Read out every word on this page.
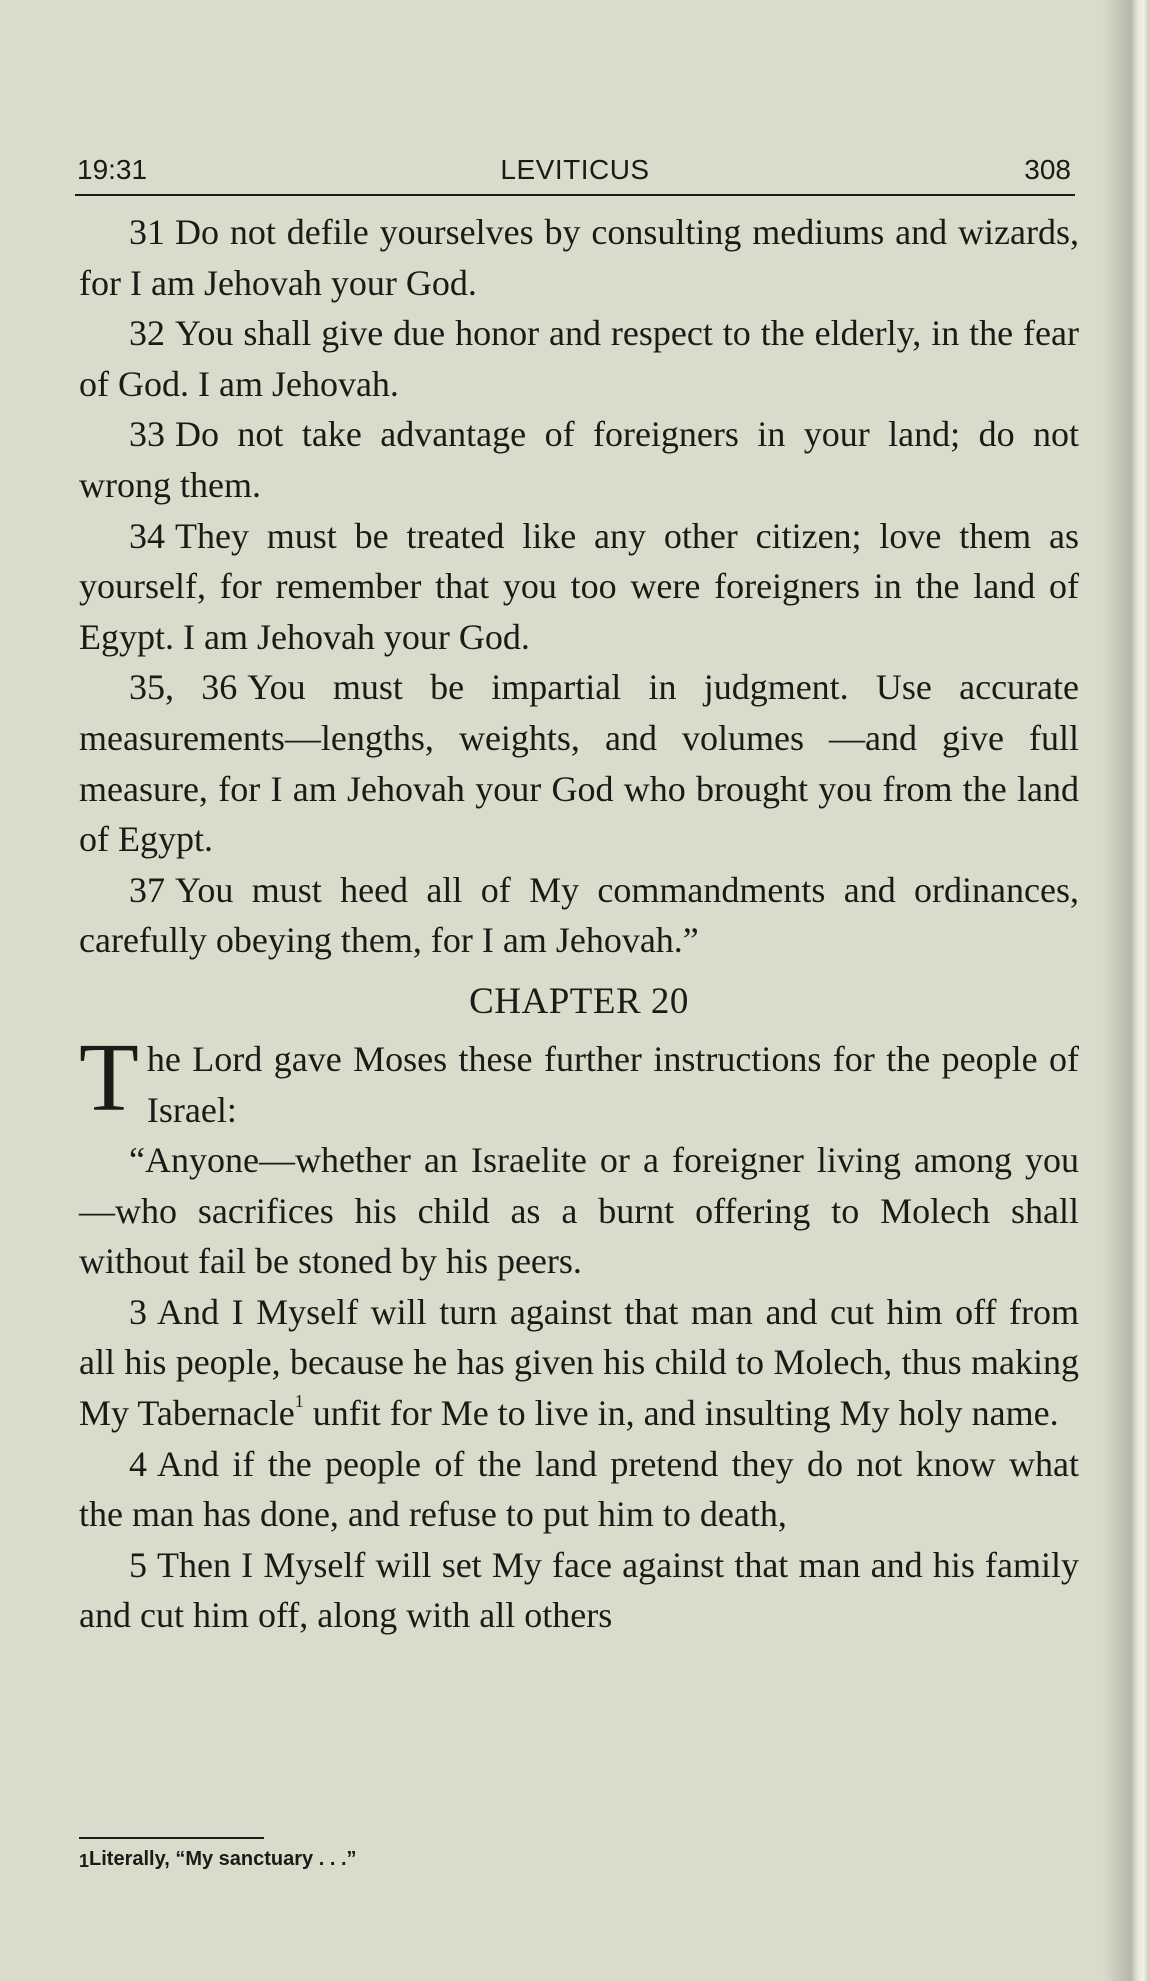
LEVITICUS
19:31	308

31 Do not defile yourselves by consulting mediums and wizards, for I am Jehovah your God.

32 You shall give due honor and respect to the elderly, in the fear of God. I am Jehovah.

33 Do not take advantage of foreigners in your land; do not wrong them.

34 They must be treated like any other citizen; love them as yourself, for remember that you too were foreigners in the land of Egypt. I am Jehovah your God.

35, 36 You must be impartial in judgment. Use accurate measurements—lengths, weights, and volumes —and give full measure, for I am Jehovah your God who brought you from the land of Egypt.

37 You must heed all of My commandments and ordinances, carefully obeying them, for I am Jehovah.”

CHAPTER 20

The Lord gave Moses these further instructions for the people of Israel:

“Anyone—whether an Israelite or a foreigner living among you—who sacrifices his child as a burnt offering to Molech shall without fail be stoned by his peers.

3 And I Myself will turn against that man and cut him off from all his people, because he has given his child to Molech, thus making My Tabernacle$^1$ unfit for Me to live in, and insulting My holy name.

4 And if the people of the land pretend they do not know what the man has done, and refuse to put him to death,

5 Then I Myself will set My face against that man and his family and cut him off, along with all others

$^1$Literally, “My sanctuary . . .”
